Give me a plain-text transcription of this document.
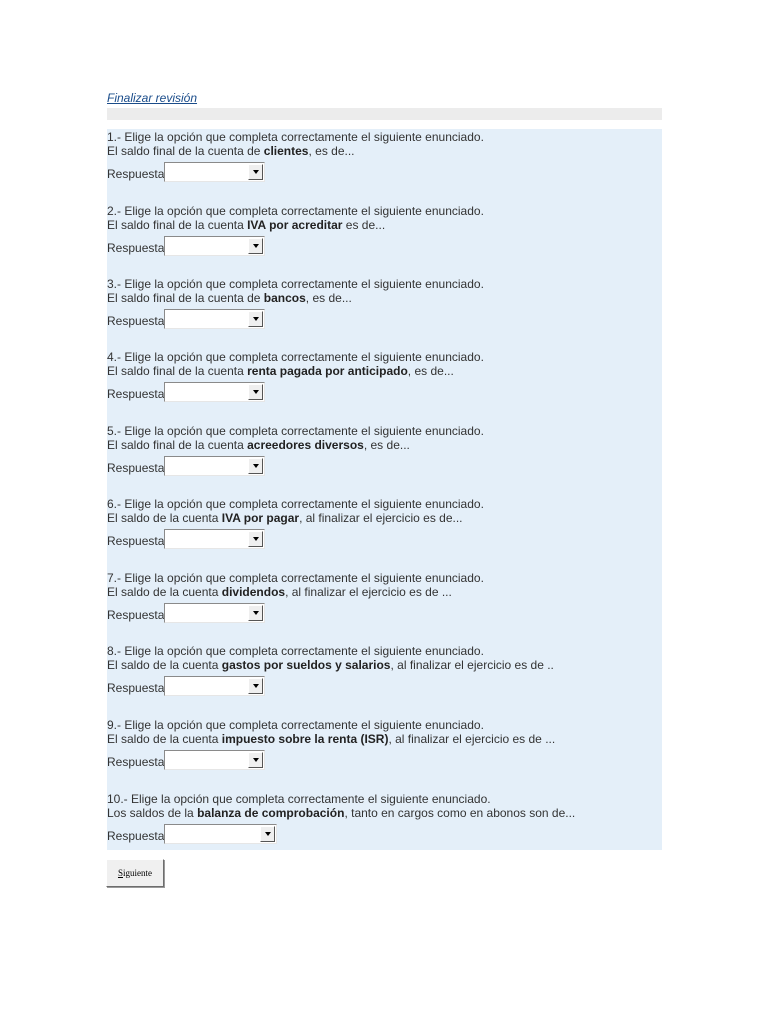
Finalizar revisión
1.- Elige la opción que completa correctamente el siguiente enunciado.
El saldo final de la cuenta de clientes, es de...
Respuesta
2.- Elige la opción que completa correctamente el siguiente enunciado.
El saldo final de la cuenta IVA por acreditar es de...
Respuesta
3.- Elige la opción que completa correctamente el siguiente enunciado.
El saldo final de la cuenta de bancos, es de...
Respuesta
4.- Elige la opción que completa correctamente el siguiente enunciado.
El saldo final de la cuenta renta pagada por anticipado, es de...
Respuesta
5.- Elige la opción que completa correctamente el siguiente enunciado.
El saldo final de la cuenta acreedores diversos, es de...
Respuesta
6.- Elige la opción que completa correctamente el siguiente enunciado.
El saldo de la cuenta IVA por pagar, al finalizar el ejercicio es de...
Respuesta
7.- Elige la opción que completa correctamente el siguiente enunciado.
El saldo de la cuenta dividendos, al finalizar el ejercicio es de ...
Respuesta
8.- Elige la opción que completa correctamente el siguiente enunciado.
El saldo de la cuenta gastos por sueldos y salarios, al finalizar el ejercicio es de ..
Respuesta
9.- Elige la opción que completa correctamente el siguiente enunciado.
El saldo de la cuenta impuesto sobre la renta (ISR), al finalizar el ejercicio es de ...
Respuesta
10.- Elige la opción que completa correctamente el siguiente enunciado.
Los saldos de la balanza de comprobación, tanto en cargos como en abonos son de...
Respuesta
S iguiente
